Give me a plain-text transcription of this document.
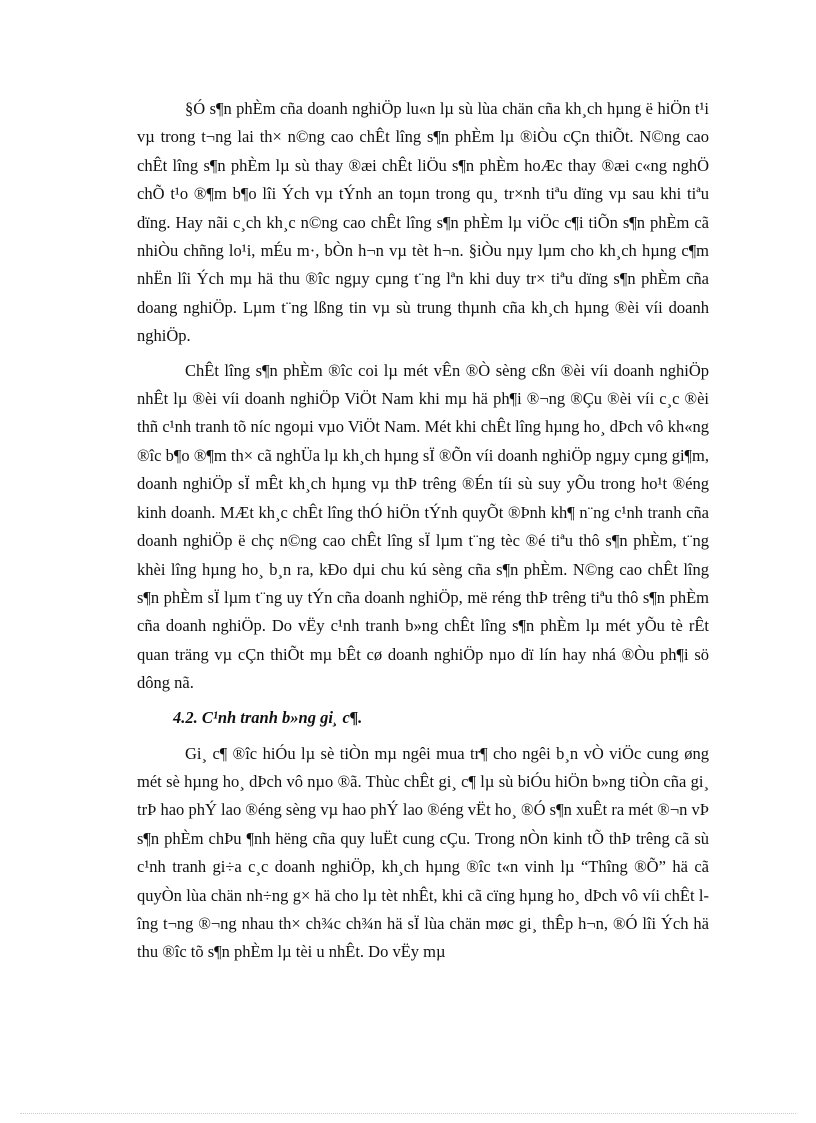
§Ó s¶n phÈm cña doanh nghiÖp lu«n lµ sù lùa chän cña kh¸ch hµng ë hiÖn t¹i vµ trong t¬ng lai th× n©ng cao chÊt lîng s¶n phÈm lµ ®iÒu cÇn thiÕt. N©ng cao chÊt lîng s¶n phÈm lµ sù thay ®æi chÊt liÖu s¶n phÈm hoÆc thay ®æi c«ng nghÖ chÕ t¹o ®¶m b¶o lîi Ých vµ tÝnh an toµn trong qu¸ tr×nh tiªu dïng vµ sau khi tiªu dïng. Hay nãi c¸ch kh¸c n©ng cao chÊt lîng s¶n phÈm lµ viÖc c¶i tiÕn s¶n phÈm cã nhiÒu chñng lo¹i, mÉu m·, bÒn h¬n vµ tèt h¬n. §iÒu nµy lµm cho kh¸ch hµng c¶m nhËn lîi Ých mµ hä thu ®îc ngµy cµng t¨ng lªn khi duy tr× tiªu dïng s¶n phÈm cña doang nghiÖp. Lµm t¨ng lßng tin vµ sù trung thµnh cña kh¸ch hµng ®èi víi doanh nghiÖp.

ChÊt lîng s¶n phÈm ®îc coi lµ mét vÊn ®Ò sèng cßn ®èi víi doanh nghiÖp nhÊt lµ ®èi víi doanh nghiÖp ViÖt Nam khi mµ hä ph¶i ®¬ng ®Çu ®èi víi c¸c ®èi thñ c¹nh tranh tõ níc ngoµi vµo ViÖt Nam. Mét khi chÊt lîng hµng ho¸ dÞch vô kh«ng ®îc b¶o ®¶m th× cã nghÜa lµ kh¸ch hµng sÏ ®Õn víi doanh nghiÖp ngµy cµng gi¶m, doanh nghiÖp sÏ mÊt kh¸ch hµng vµ thÞ trêng ®Én tíi sù suy yÕu trong ho¹t ®éng kinh doanh. MÆt kh¸c chÊt lîng thÓ hiÖn tÝnh quyÕt ®Þnh kh¶ n¨ng c¹nh tranh cña doanh nghiÖp ë chç n©ng cao chÊt lîng sÏ lµm t¨ng tèc ®é tiªu thô s¶n phÈm, t¨ng khèi lîng hµng ho¸ b¸n ra, kÐo dµi chu kú sèng cña s¶n phÈm. N©ng cao chÊt lîng s¶n phÈm sÏ lµm t¨ng uy tÝn cña doanh nghiÖp, më réng thÞ trêng tiªu thô s¶n phÈm cña doanh nghiÖp. Do vËy c¹nh tranh b»ng chÊt lîng s¶n phÈm lµ mét yÕu tè rÊt quan träng vµ cÇn thiÕt mµ bÊt cø doanh nghiÖp nµo dï lín hay nhá ®Òu ph¶i sö dông nã.

4.2. C¹nh tranh b»ng gi¸ c¶.

Gi¸ c¶ ®îc hiÓu lµ sè tiÒn mµ ngêi mua tr¶ cho ngêi b¸n vÒ viÖc cung øng mét sè hµng ho¸ dÞch vô nµo ®ã. Thùc chÊt gi¸ c¶ lµ sù biÓu hiÖn b»ng tiÒn cña gi¸ trÞ hao phÝ lao ®éng sèng vµ hao phÝ lao ®éng vËt ho¸ ®Ó s¶n xuÊt ra mét ®¬n vÞ s¶n phÈm chÞu ¶nh hëng cña quy luËt cung cÇu. Trong nÒn kinh tÕ thÞ trêng cã sù c¹nh tranh gi÷a c¸c doanh nghiÖp, kh¸ch hµng ®îc t«n vinh lµ “Thîng ®Õ” hä cã quyÒn lùa chän nh÷ng g× hä cho lµ tèt nhÊt, khi cã cïng hµng ho¸ dÞch vô víi chÊt lîng t¬ng ®¬ng nhau th× ch¾c ch¾n hä sÏ lùa chän møc gi¸ thÊp h¬n, ®Ó lîi Ých hä thu ®îc tõ s¶n phÈm lµ tèi u nhÊt. Do vËy mµ
